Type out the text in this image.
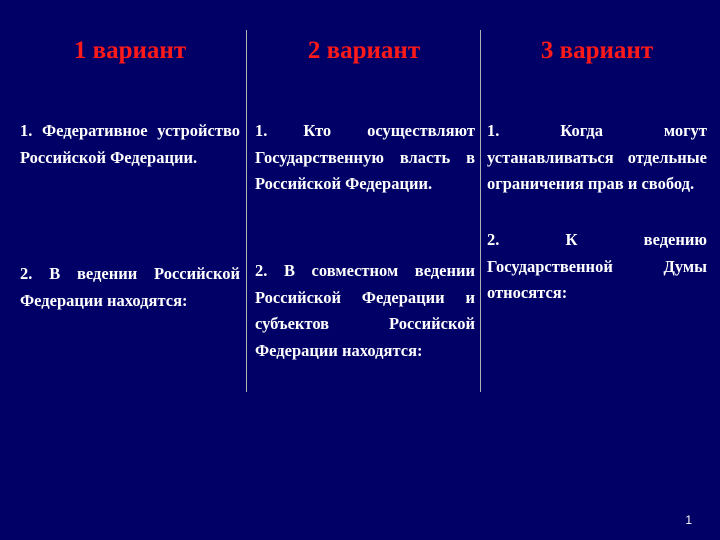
1 вариант
1. Федеративное устройство Российской Федерации.
2. В ведении Российской Федерации находятся:
2 вариант
1. Кто осуществляют Государственную власть в Российской Федерации.
2. В совместном ведении Российской Федерации и субъектов Российской Федерации находятся:
3 вариант
1. Когда могут устанавливаться отдельные ограничения прав и свобод.
2. К ведению Государственной Думы относятся:
1
